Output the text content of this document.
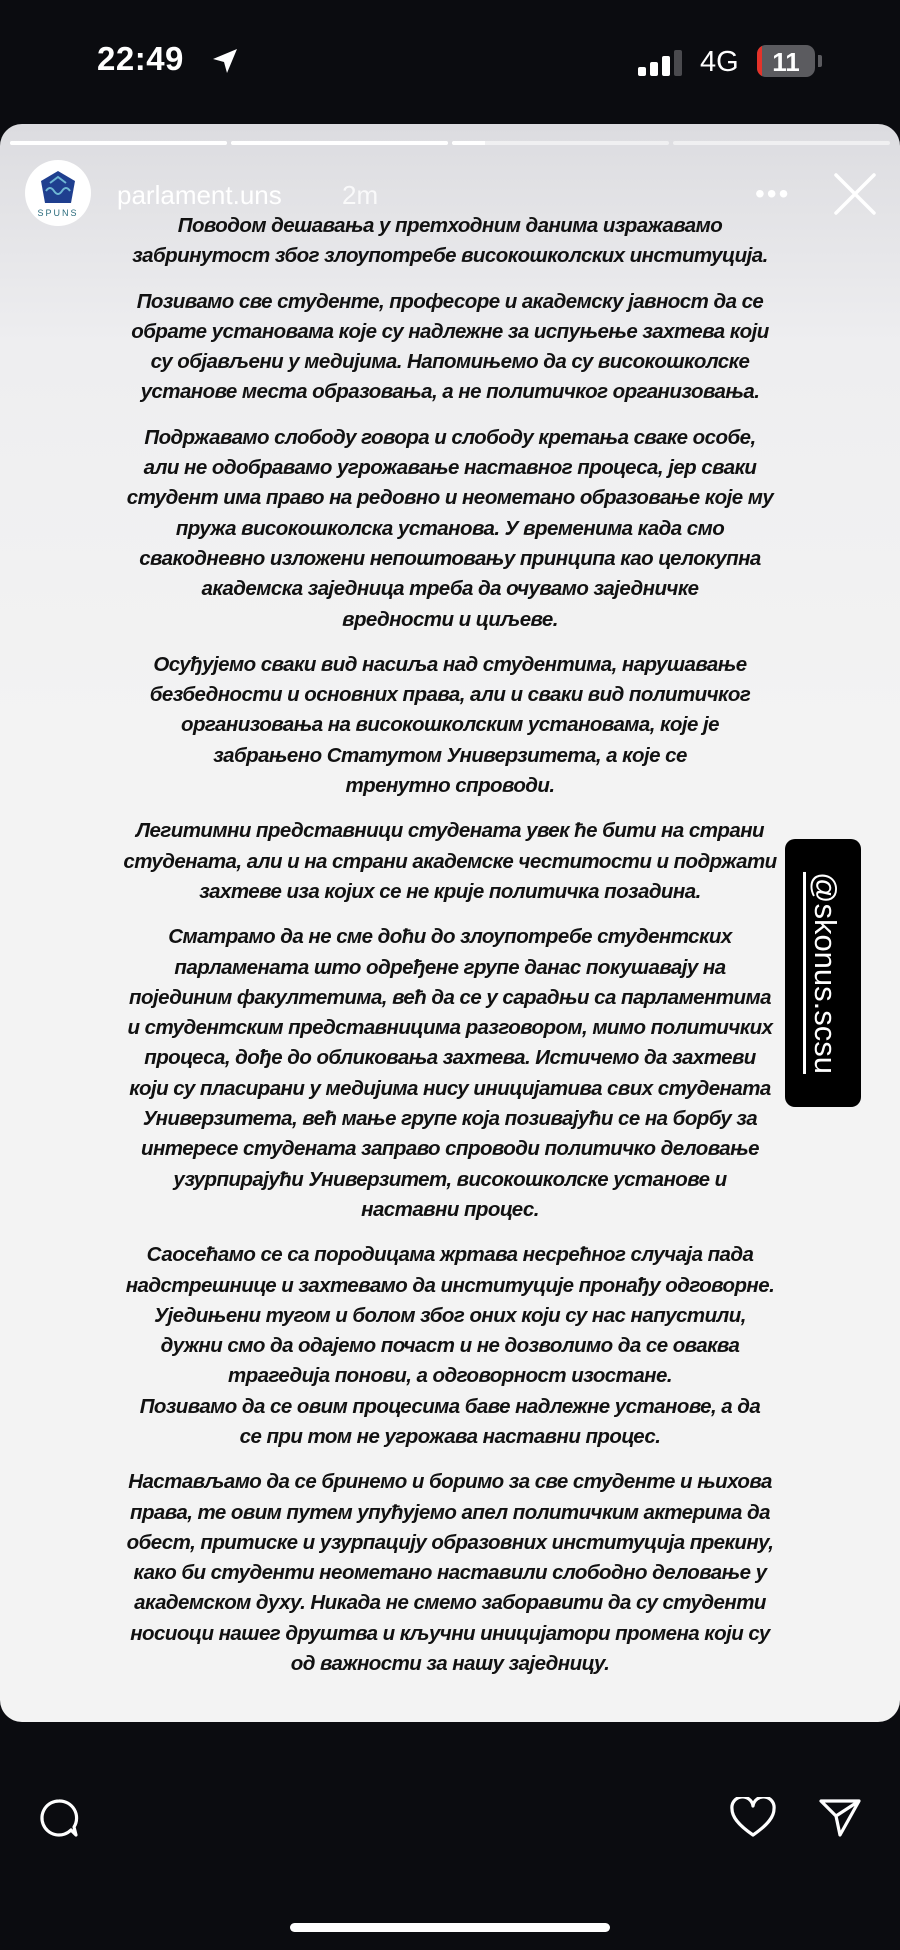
22:49	4G	11
SPUNS
parlament.uns 2m	•••
Поводом дешавања у претходним данима изражавамо
забринутост због злоупотребе високошколских институција.
Позивамо све студенте, професоре и академску јавност да се
обрате установама које су надлежне за испуњење захтева који
су објављени у медијима. Напомињемо да су високошколске
установе места образовања, а не политичког организовања.
Подржавамо слободу говора и слободу кретања сваке особе,
али не одобравамо угрожавање наставног процеса, јер сваки
студент има право на редовно и неометано образовање које му
пружа високошколска установа. У временима када смо
свакодневно изложени непоштовању принципа као целокупна
академска заједница треба да очувамо заједничке
вредности и циљеве.
Осуђујемо сваки вид насиља над студентима, нарушавање
безбедности и основних права, али и сваки вид политичког
организовања на високошколским установама, које је
забрањено Статутом Универзитета, а које се
тренутно спроводи.
Легитимни представници студената увек ће бити на страни
студената, али и на страни академске честитости и подржати
захтеве иза којих се не крије политичка позадина.
Сматрамо да не сме доћи до злоупотребе студентских
парламената што одређене групе данас покушавају на
појединим факултетима, већ да се у сарадњи са парламентима
и студентским представницима разговором, мимо политичких
процеса, дође до обликовања захтева. Истичемо да захтеви
који су пласирани у медијима нису иницијатива свих студената
Универзитета, већ мање групе која позивајући се на борбу за
интересе студената заправо спроводи политичко деловање
узурпирајући Универзитет, високошколске установе и
наставни процес.
Саосећамо се са породицама жртава несрећног случаја пада
надстрешнице и захтевамо да институције пронађу одговорне.
Уједињени тугом и болом због оних који су нас напустили,
дужни смо да одајемо почаст и не дозволимо да се оваква
трагедија понови, а одговорност изостане.
Позивамо да се овим процесима баве надлежне установе, а да
се при том не угрожава наставни процес.
Настављамо да се бринемо и боримо за све студенте и њихова
права, те овим путем упућујемо апел политичким актерима да
обест, притиске и узурпацију образовних институција прекину,
како би студенти неометано наставили слободно деловање у
академском духу. Никада не смемо заборавити да су студенти
носиоци нашег друштва и кључни иницијатори промена који су
од важности за нашу заједницу.
@skonus.scsu
